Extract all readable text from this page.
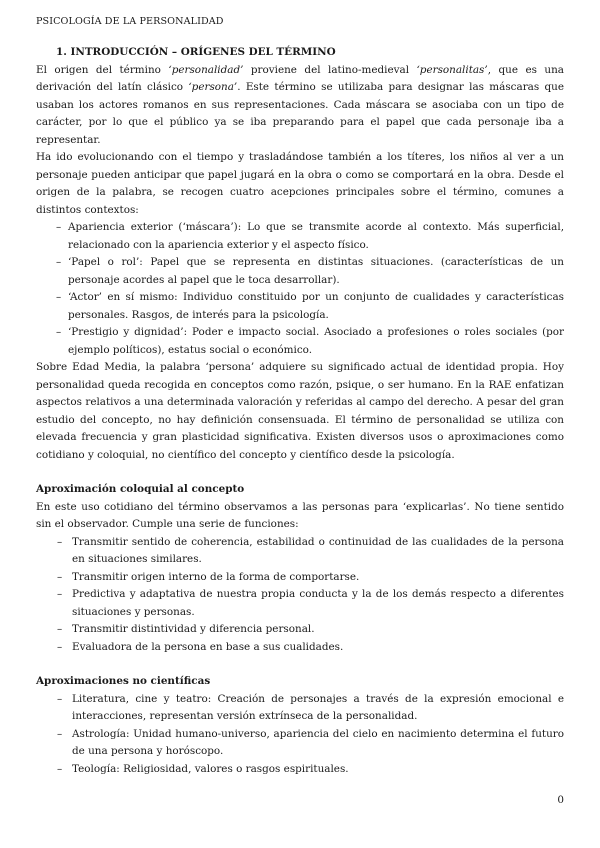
PSICOLOGÍA DE LA PERSONALIDAD

1. INTRODUCCIÓN – ORÍGENES DEL TÉRMINO

El origen del término ‘personalidad’ proviene del latino-medieval ‘personalitas’, que es una derivación del latín clásico ‘persona’. Este término se utilizaba para designar las máscaras que usaban los actores romanos en sus representaciones. Cada máscara se asociaba con un tipo de carácter, por lo que el público ya se iba preparando para el papel que cada personaje iba a representar.

Ha ido evolucionando con el tiempo y trasladándose también a los títeres, los niños al ver a un personaje pueden anticipar que papel jugará en la obra o como se comportará en la obra. Desde el origen de la palabra, se recogen cuatro acepciones principales sobre el término, comunes a distintos contextos:

– Apariencia exterior (‘máscara’): Lo que se transmite acorde al contexto. Más superficial, relacionado con la apariencia exterior y el aspecto físico.
– ‘Papel o rol’: Papel que se representa en distintas situaciones. (características de un personaje acordes al papel que le toca desarrollar).
– ‘Actor’ en sí mismo: Individuo constituido por un conjunto de cualidades y características personales. Rasgos, de interés para la psicología.
– ‘Prestigio y dignidad’: Poder e impacto social. Asociado a profesiones o roles sociales (por ejemplo políticos), estatus social o económico.

Sobre Edad Media, la palabra ‘persona’ adquiere su significado actual de identidad propia. Hoy personalidad queda recogida en conceptos como razón, psique, o ser humano. En la RAE enfatizan aspectos relativos a una determinada valoración y referidas al campo del derecho. A pesar del gran estudio del concepto, no hay definición consensuada. El término de personalidad se utiliza con elevada frecuencia y gran plasticidad significativa. Existen diversos usos o aproximaciones como cotidiano y coloquial, no científico del concepto y científico desde la psicología.

Aproximación coloquial al concepto

En este uso cotidiano del término observamos a las personas para ‘explicarlas’. No tiene sentido sin el observador. Cumple una serie de funciones:

– Transmitir sentido de coherencia, estabilidad o continuidad de las cualidades de la persona en situaciones similares.
– Transmitir origen interno de la forma de comportarse.
– Predictiva y adaptativa de nuestra propia conducta y la de los demás respecto a diferentes situaciones y personas.
– Transmitir distintividad y diferencia personal.
– Evaluadora de la persona en base a sus cualidades.

Aproximaciones no científicas

– Literatura, cine y teatro: Creación de personajes a través de la expresión emocional e interacciones, representan versión extrínseca de la personalidad.
– Astrología: Unidad humano-universo, apariencia del cielo en nacimiento determina el futuro de una persona y horóscopo.
– Teología: Religiosidad, valores o rasgos espirituales.
0
